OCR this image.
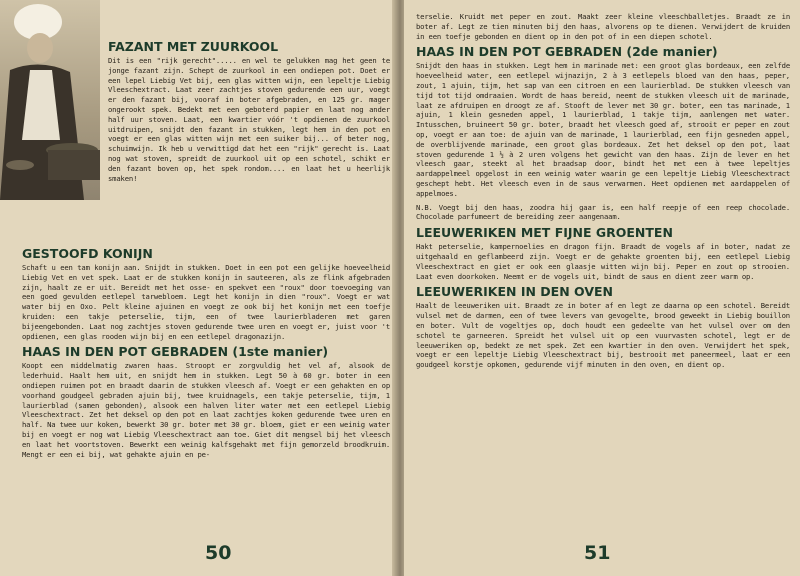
FAZANT MET ZUURKOOL

Dit is een "rijk gerecht"..... en wel te gelukken mag het geen te jonge fazant zijn. Schept de zuurkool in een ondiepen pot. Doet er een lepel Liebig Vet bij, een glas witten wijn, een lepeltje Liebig Vleeschextract. Laat zeer zachtjes stoven gedurende een uur, voegt er den fazant bij, vooraf in boter afgebraden, en 125 gr. mager ongerookt spek. Bedekt met een geboterd papier en laat nog ander half uur stoven. Laat, een kwartier vóór 't opdienen de zuurkool uitdruipen, snijdt den fazant in stukken, legt hem in den pot en voegt er een glas witten wijn met een suiker bij... of beter nog, schuimwijn. Ik heb u verwittigd dat het een "rijk" gerecht is. Laat nog wat stoven, spreidt de zuurkool uit op een schotel, schikt er den fazant boven op, het spek rondom.... en laat het u heerlijk smaken!

GESTOOFD KONIJN

Schaft u een tam konijn aan. Snijdt in stukken. Doet in een pot een gelijke hoeveelheid Liebig Vet en vet spek. Laat er de stukken konijn in sauteeren, als ze flink afgebraden zijn, haalt ze er uit. Bereidt met het osse- en spekvet een "roux" door toevoeging van een goed gevulden eetlepel tarwebloem. Legt het konijn in dien "roux". Voegt er wat water bij en Oxo. Pelt kleine ajuinen en voegt ze ook bij het konijn met een toefje kruiden: een takje peterselie, tijm, een of twee laurierbladeren met garen bijeengebonden. Laat nog zachtjes stoven gedurende twee uren en voegt er, juist voor 't opdienen, een glas rooden wijn bij en een eetlepel dragonazijn.

HAAS IN DEN POT GEBRADEN (1ste manier)

Koopt een middelmatig zwaren haas. Stroopt er zorgvuldig het vel af, alsook de lederhuid. Haalt hem uit, en snijdt hem in stukken. Legt 50 à 60 gr. boter in een ondiepen ruimen pot en braadt daarin de stukken vleesch af. Voegt er een gehakten en op voorhand goudgeel gebraden ajuin bij, twee kruidnagels, een takje peterselie, tijm, 1 laurierblad (samen gebonden), alsook een halven liter water met een eetlepel Liebig Vleeschextract. Zet het deksel op den pot en laat zachtjes koken gedurende twee uren en half. Na twee uur koken, bewerkt 30 gr. boter met 30 gr. bloem, giet er een weinig water bij en voegt er nog wat Liebig Vleeschextract aan toe. Giet dit mengsel bij het vleesch en laat het voortstoven. Bewerkt een weinig kalfsgehakt met fijn gemorzeld broodkruim. Mengt er een ei bij, wat gehakte ajuin en pe-

50

terselie. Kruidt met peper en zout. Maakt zeer kleine vleeschballetjes. Braadt ze in boter af. Legt ze tien minuten bij den haas, alvorens op te dienen. Verwijdert de kruiden in een toefje gebonden en dient op in den pot of in een diepen schotel.

HAAS IN DEN POT GEBRADEN (2de manier)

Snijdt den haas in stukken. Legt hem in marinade met: een groot glas bordeaux, een zelfde hoeveelheid water, een eetlepel wijnazijn, 2 à 3 eetlepels bloed van den haas, peper, zout, 1 ajuin, tijm, het sap van een citroen en een laurierblad. De stukken vleesch van tijd tot tijd omdraaien. Wordt de haas bereid, neemt de stukken vleesch uit de marinade, laat ze afdruipen en droogt ze af. Stooft de lever met 30 gr. boter, een tas marinade, 1 ajuin, 1 klein gesneden appel, 1 laurierblad, 1 takje tijm, aanlengen met water. Intusschen, bruineert 50 gr. boter, braadt het vleesch goed af, strooit er peper en zout op, voegt er aan toe: de ajuin van de marinade, 1 laurierblad, een fijn gesneden appel, de overblijvende marinade, een groot glas bordeaux. Zet het deksel op den pot, laat stoven gedurende 1 ½ à 2 uren volgens het gewicht van den haas. Zijn de lever en het vleesch gaar, steekt al het braadsap door, bindt het met een à twee lepeltjes aardappelmeel opgelost in een weinig water waarin ge een lepeltje Liebig Vleeschextract geschept hebt. Het vleesch even in de saus verwarmen. Heet opdienen met aardappelen of appelmoes.

N.B. Voegt bij den haas, zoodra hij gaar is, een half reepje of een reep chocolade. Chocolade parfumeert de bereiding zeer aangenaam.

LEEUWERIKEN MET FIJNE GROENTEN

Hakt peterselie, kampernoelies en dragon fijn. Braadt de vogels af in boter, nadat ze uitgehaald en geflambeerd zijn. Voegt er de gehakte groenten bij, een eetlepel Liebig Vleeschextract en giet er ook een glaasje witten wijn bij. Peper en zout op strooien. Laat even doorkoken. Neemt er de vogels uit, bindt de saus en dient zeer warm op.

LEEUWERIKEN IN DEN OVEN

Haalt de leeuweriken uit. Braadt ze in boter af en legt ze daarna op een schotel. Bereidt vulsel met de darmen, een of twee levers van gevogelte, brood geweekt in Liebig bouillon en boter. Vult de vogeltjes op, doch houdt een gedeelte van het vulsel over om den schotel te garneeren. Spreidt het vulsel uit op een vuurvasten schotel, legt er de leeuweriken op, bedekt ze met spek. Zet een kwartier in den oven. Verwijdert het spek, voegt er een lepeltje Liebig Vleeschextract bij, bestrooit met paneermeel, laat er een goudgeel korstje opkomen, gedurende vijf minuten in den oven, en dient op.

51
